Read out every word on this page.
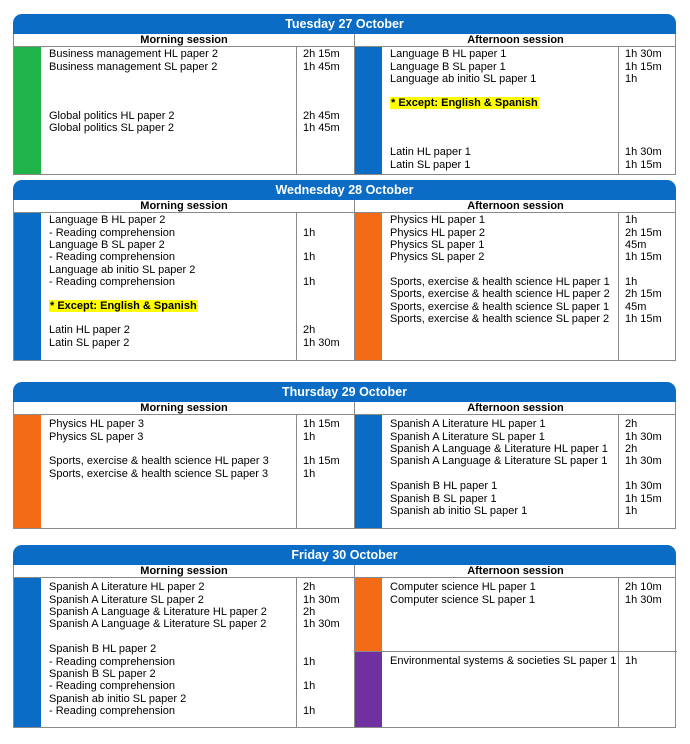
Tuesday 27 October
Morning session	Afternoon session
Business management HL paper 2	2h 15m
Business management SL paper 2	1h 45m
Global politics HL paper 2	2h 45m
Global politics SL paper 2	1h 45m
Language B HL paper 1	1h 30m
Language B SL paper 1	1h 15m
Language ab initio SL paper 1	1h
* Except: English & Spanish
Latin HL paper 1	1h 30m
Latin SL paper 1	1h 15m
Wednesday 28 October
Morning session	Afternoon session
Language B HL paper 2
- Reading comprehension	1h
Language B SL paper 2
- Reading comprehension	1h
Language ab initio SL paper 2
- Reading comprehension	1h
* Except: English & Spanish
Latin HL paper 2	2h
Latin SL paper 2	1h 30m
Physics HL paper 1	1h
Physics HL paper 2	2h 15m
Physics SL paper 1	45m
Physics SL paper 2	1h 15m
Sports, exercise & health science HL paper 1 1h
Sports, exercise & health science HL paper 2 2h 15m
Sports, exercise & health science SL paper 1 45m
Sports, exercise & health science SL paper 2 1h 15m
Thursday 29 October
Morning session	Afternoon session
Physics HL paper 3	1h 15m
Physics SL paper 3	1h
Sports, exercise & health science HL paper 3	1h 15m
Sports, exercise & health science SL paper 3	1h
Spanish A Literature HL paper 1	2h
Spanish A Literature SL paper 1	1h 30m
Spanish A Language & Literature HL paper 1 2h
Spanish A Language & Literature SL paper 1 1h 30m
Spanish B HL paper 1	1h 30m
Spanish B SL paper 1	1h 15m
Spanish ab initio SL paper 1	1h
Friday 30 October
Morning session	Afternoon session
Spanish A Literature HL paper 2	2h
Spanish A Literature SL paper 2	1h 30m
Spanish A Language & Literature HL paper 2	2h
Spanish A Language & Literature SL paper 2	1h 30m
Spanish B HL paper 2
- Reading comprehension	1h
Spanish B SL paper 2
- Reading comprehension	1h
Spanish ab initio SL paper 2
- Reading comprehension	1h
Computer science HL paper 1	2h 10m
Computer science SL paper 1	1h 30m
Environmental systems & societies SL paper 1 1h
